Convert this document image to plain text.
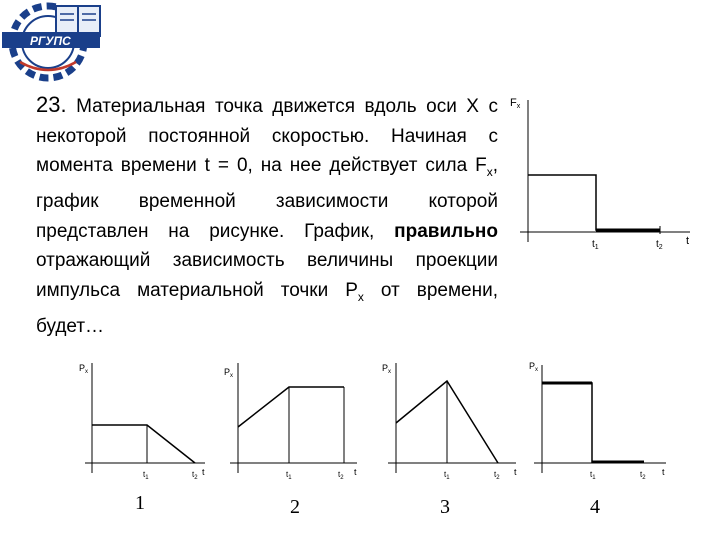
РГУПС
23. Материальная точка движется вдоль оси Х с некоторой постоянной скоростью. Начиная с момента времени t = 0, на нее действует сила $F_x$, график временной зависимости которой представлен на рисунке. График, правильно отражающий зависимость величины проекции импульса материальной точки $P_x$ от времени, будет…
Fx
t
$t_1$	$t_2$
$P_x$
t
$t_1$	$t_2$
$P_x$
t
$t_1$	$t_2$
$P_x$
t
$t_1$	$t_2$
$P_x$
t
$t_1$	$t_2$
1	2	3	4
